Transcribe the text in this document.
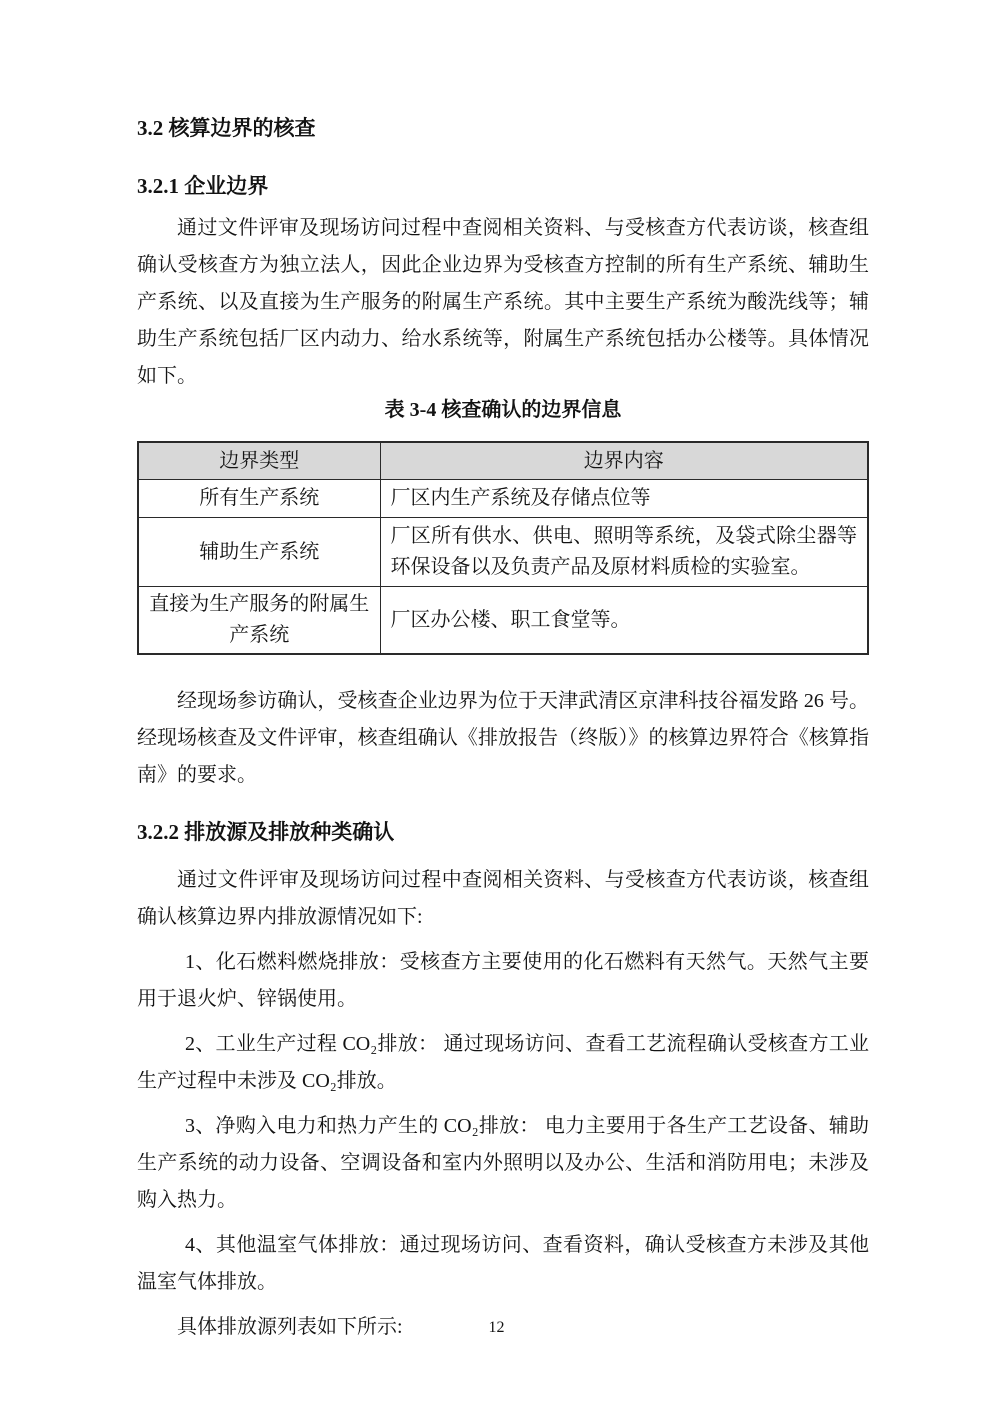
3.2 核算边界的核查

3.2.1 企业边界

通过文件评审及现场访问过程中查阅相关资料、与受核查方代表访谈，核查组确认受核查方为独立法人，因此企业边界为受核查方控制的所有生产系统、辅助生产系统、以及直接为生产服务的附属生产系统。其中主要生产系统为酸洗线等；辅助生产系统包括厂区内动力、给水系统等，附属生产系统包括办公楼等。具体情况如下。

表 3-4 核查确认的边界信息

边界类型	边界内容
所有生产系统	厂区内生产系统及存储点位等
辅助生产系统	厂区所有供水、供电、照明等系统，及袋式除尘器等环保设备以及负责产品及原材料质检的实验室。
直接为生产服务的附属生产系统	厂区办公楼、职工食堂等。

经现场参访确认，受核查企业边界为位于天津武清区京津科技谷福发路 26 号。经现场核查及文件评审，核查组确认《排放报告（终版）》的核算边界符合《核算指南》的要求。

3.2.2 排放源及排放种类确认

通过文件评审及现场访问过程中查阅相关资料、与受核查方代表访谈，核查组确认核算边界内排放源情况如下:

1、化石燃料燃烧排放：受核查方主要使用的化石燃料有天然气。天然气主要用于退火炉、锌锅使用。

2、工业生产过程 CO₂排放： 通过现场访问、查看工艺流程确认受核查方工业生产过程中未涉及 CO₂排放。

3、净购入电力和热力产生的 CO₂排放： 电力主要用于各生产工艺设备、辅助生产系统的动力设备、空调设备和室内外照明以及办公、生活和消防用电；未涉及购入热力。

4、其他温室气体排放：通过现场访问、查看资料，确认受核查方未涉及其他温室气体排放。

具体排放源列表如下所示:	12
